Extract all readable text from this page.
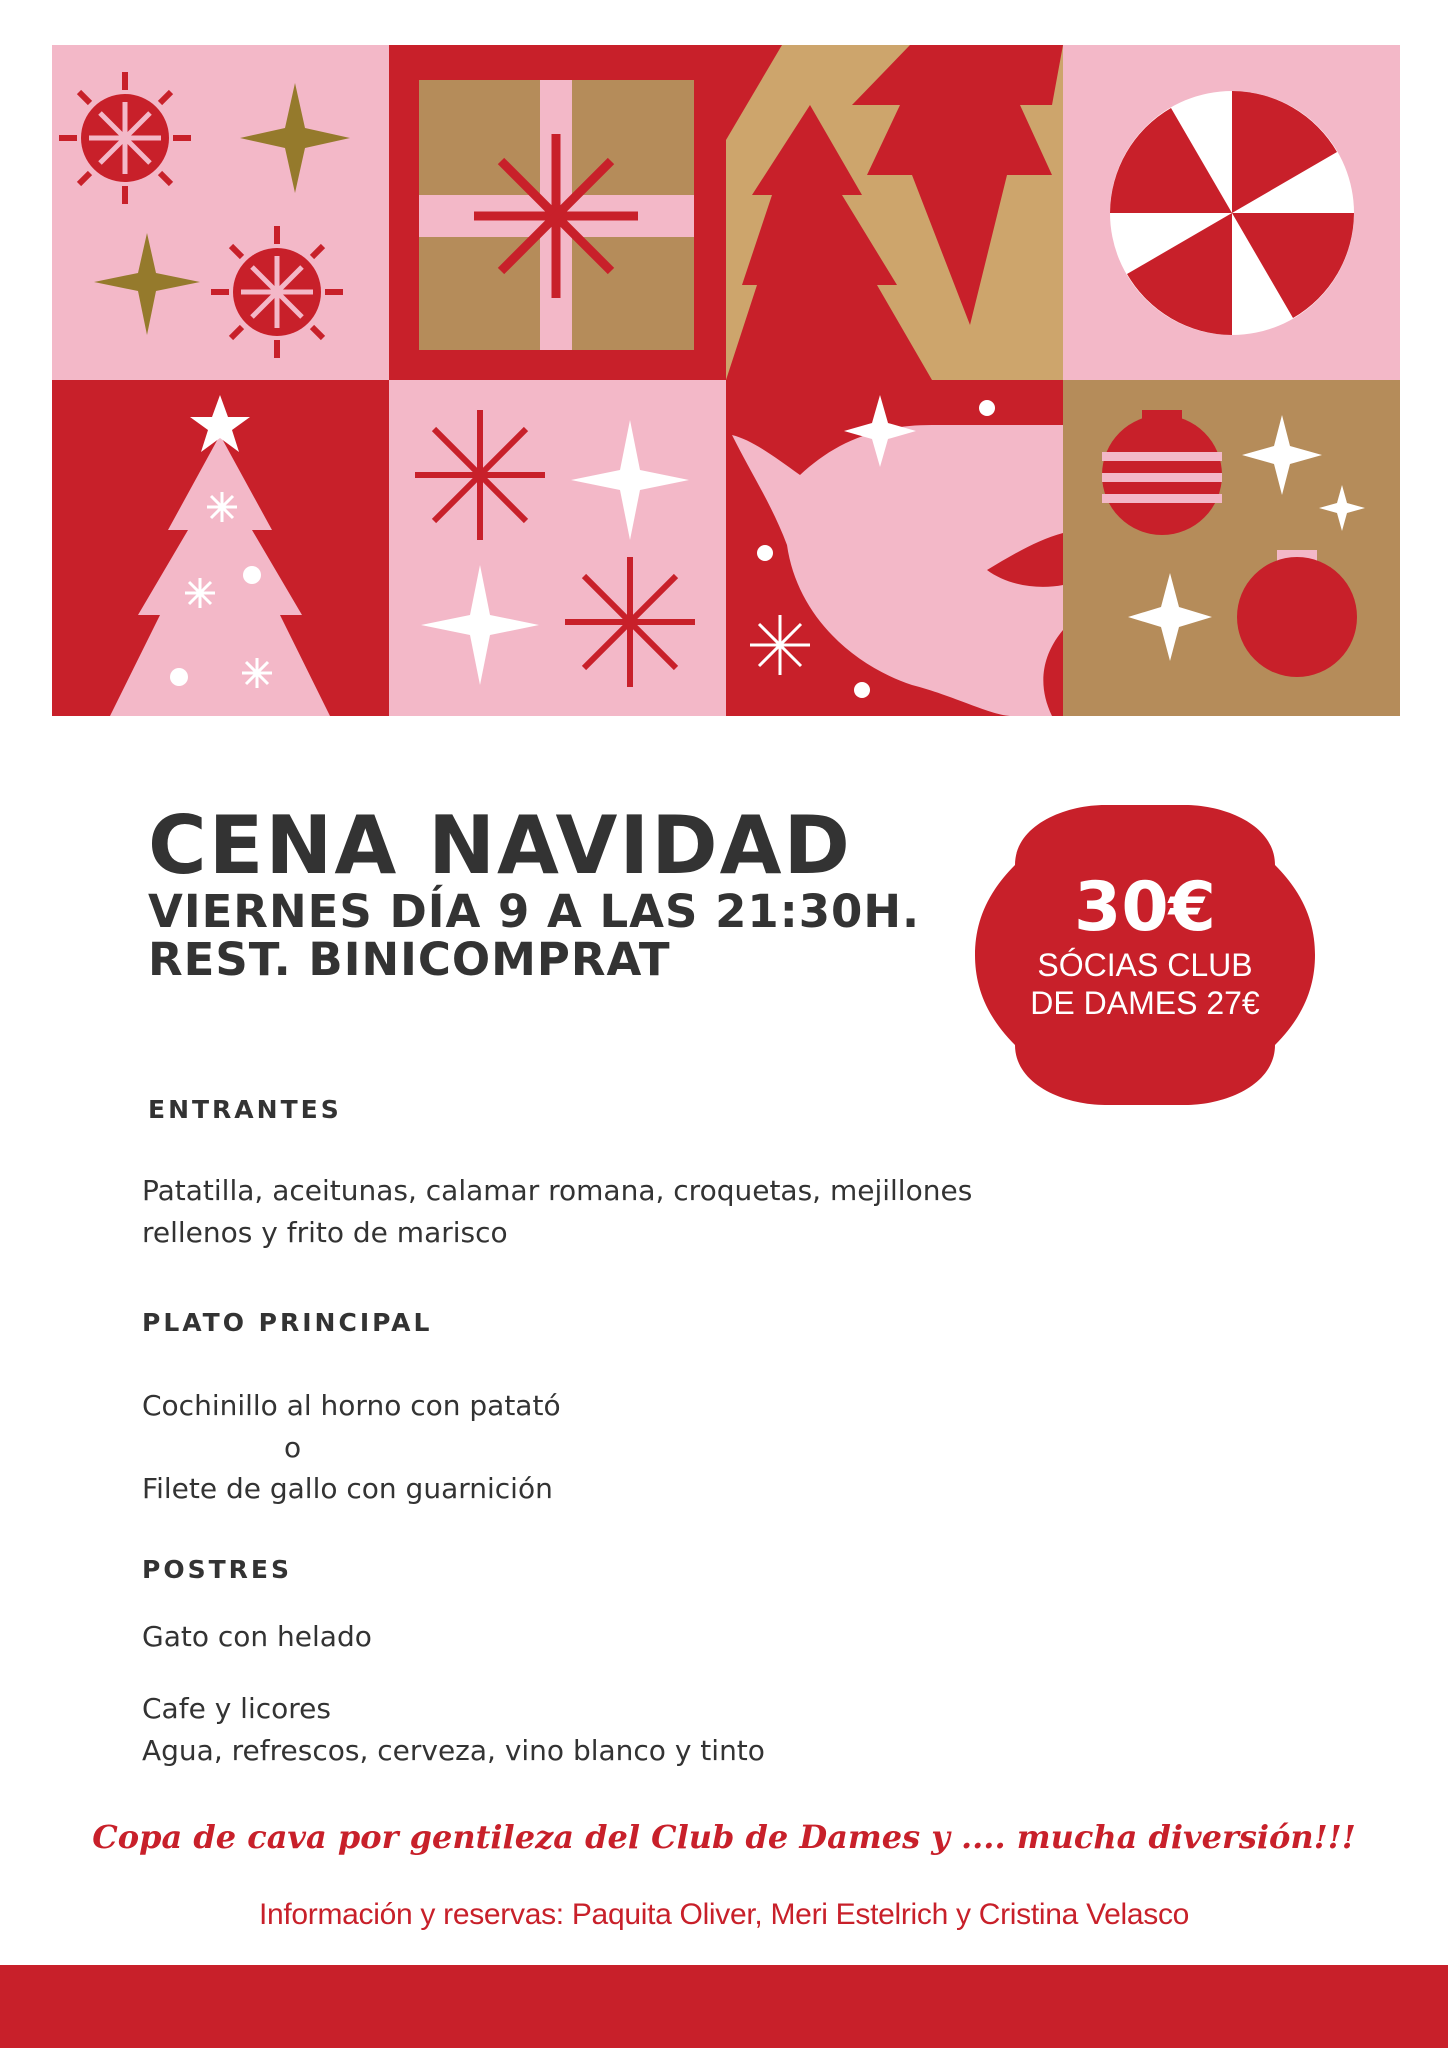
CENA NAVIDAD

VIERNES DÍA 9 A LAS 21:30H.

REST. BINICOMPRAT

30€
SÓCIAS CLUB
DE DAMES 27€
ENTRANTES
Patatilla, aceitunas, calamar romana, croquetas, mejillones
rellenos y frito de marisco
PLATO PRINCIPAL
Cochinillo al horno con patató
o
Filete de gallo con guarnición
POSTRES
Gato con helado
Cafe y licores
Agua, refrescos, cerveza, vino blanco y tinto
Copa de cava por gentileza del Club de Dames y .... mucha diversión!!!
Información y reservas: Paquita Oliver, Meri Estelrich y Cristina Velasco
